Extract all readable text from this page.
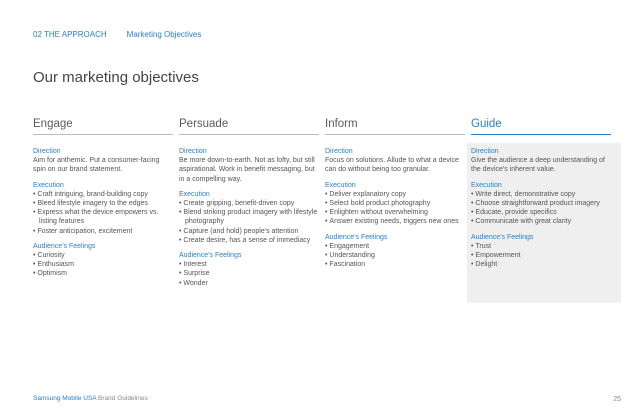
02 THE APPROACH	Marketing Objectives
Our marketing objectives
Engage
Direction
Aim for anthemic. Put a consumer-facing spin on our brand statement.
Execution
• Craft intriguing, brand-building copy
• Bleed lifestyle imagery to the edges
• Express what the device empowers vs. listing features
• Foster anticipation, excitement
Audience's Feelings
• Curiosity
• Enthusiasm
• Optimism
Persuade
Direction
Be more down-to-earth. Not as lofty, but still aspirational. Work in benefit messaging, but in a compelling way.
Execution
• Create gripping, benefit-driven copy
• Blend striking product imagery with lifestyle photography
• Capture (and hold) people's attention
• Create desire, has a sense of immediacy
Audience's Feelings
• Interest
• Surprise
• Wonder
Inform
Direction
Focus on solutions. Allude to what a device can do without being too granular.
Execution
• Deliver explanatory copy
• Select bold product photography
• Enlighten without overwhelming
• Answer existing needs, triggers new ones
Audience's Feelings
• Engagement
• Understanding
• Fascination
Guide
Direction
Give the audience a deep understanding of the device's inherent value.
Execution
• Write direct, demonstrative copy
• Choose straightforward product imagery
• Educate, provide specifics
• Communicate with great clarity
Audience's Feelings
• Trust
• Empowerment
• Delight
Samsung Mobile USA Brand Guidelines	25
